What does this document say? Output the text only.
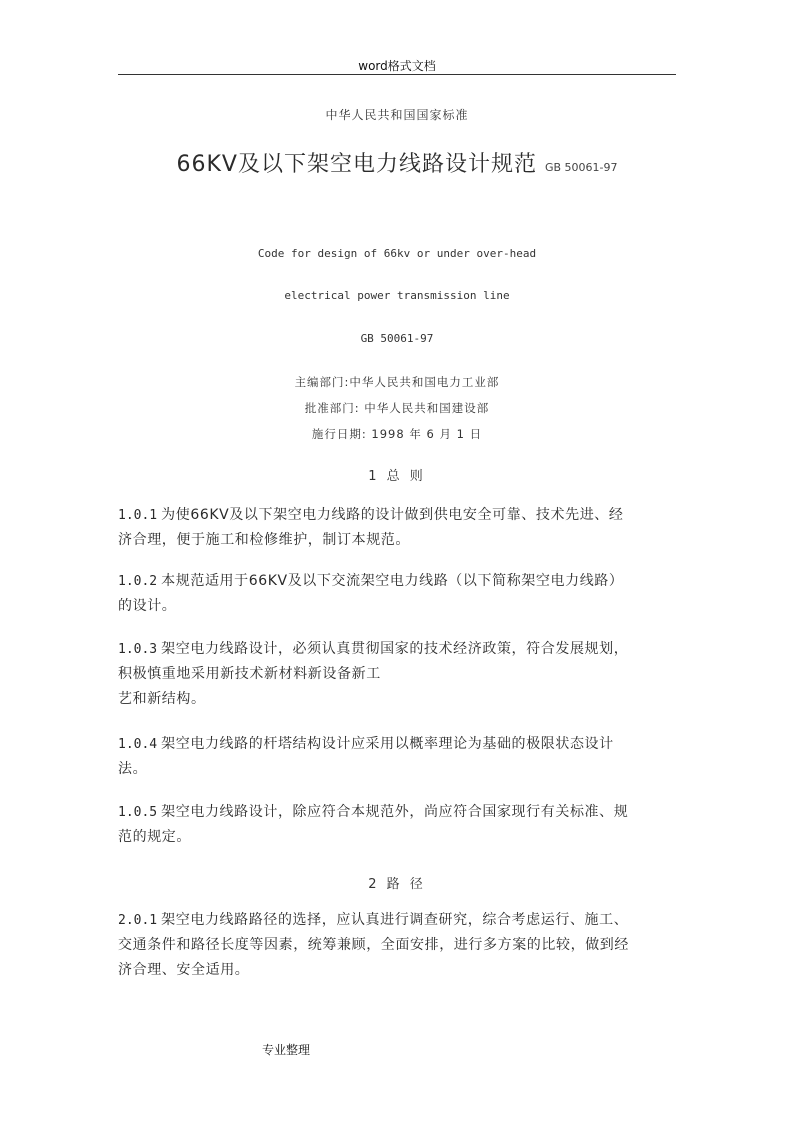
word格式文档
中华人民共和国国家标准
66KV及以下架空电力线路设计规范 GB 50061-97
Code for design of 66kv or under over-head
electrical power transmission line
GB 50061-97
主编部门:中华人民共和国电力工业部
批准部门: 中华人民共和国建设部
施行日期: 1998 年 6 月 1 日
1 总 则
1.0.1 为使66KV及以下架空电力线路的设计做到供电安全可靠、技术先进、经
济合理，便于施工和检修维护，制订本规范。
1.0.2 本规范适用于66KV及以下交流架空电力线路（以下简称架空电力线路）
的设计。
1.0.3 架空电力线路设计，必须认真贯彻国家的技术经济政策，符合发展规划，
积极慎重地采用新技术新材料新设备新工
艺和新结构。
1.0.4 架空电力线路的杆塔结构设计应采用以概率理论为基础的极限状态设计
法。
1.0.5 架空电力线路设计，除应符合本规范外，尚应符合国家现行有关标准、规
范的规定。
2 路 径
2.0.1 架空电力线路路径的选择，应认真进行调查研究，综合考虑运行、施工、
交通条件和路径长度等因素，统筹兼顾，全面安排，进行多方案的比较，做到经
济合理、安全适用。
专业整理
